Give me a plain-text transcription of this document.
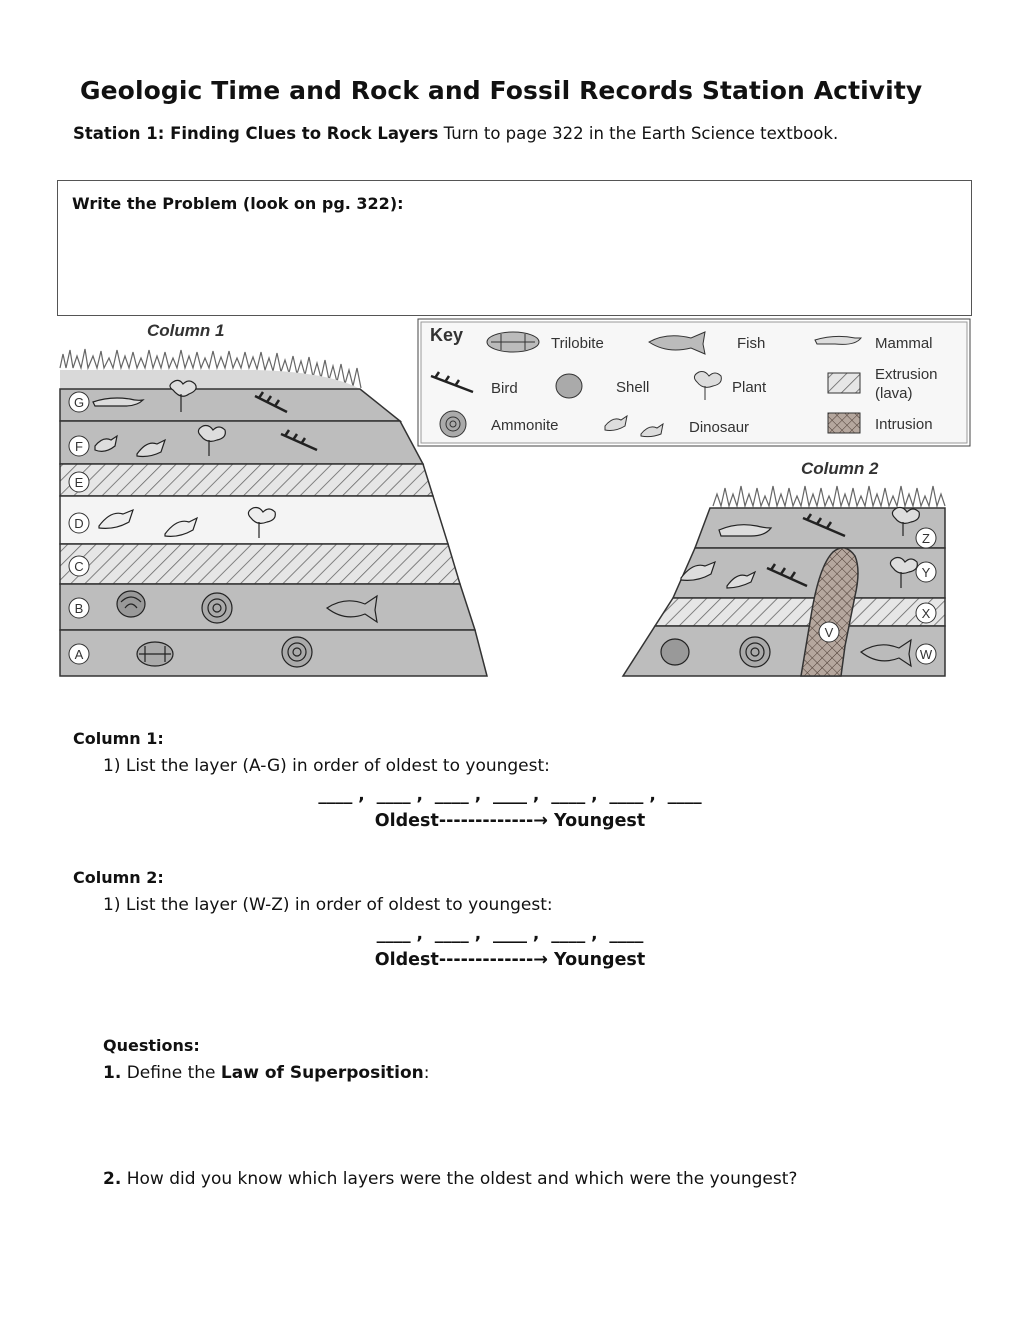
Geologic Time and Rock and Fossil Records Station Activity
Station 1: Finding Clues to Rock Layers Turn to page 322 in the Earth Science textbook.
Write the Problem (look on pg. 322):
Column 1
G
F
E
D
C
B
A
Key	Trilobite	Fish	Mammal
Bird	Shell	Plant
Extrusion
(lava)
Ammonite	Dinosaur	Intrusion
Column 2
Z
Y
X
W
V
Column 1:
1) List the layer (A-G) in order of oldest to youngest:
____ ,  ____ ,  ____ ,  ____ ,  ____ ,  ____ ,  ____
Oldest-------------→ Youngest
Column 2:
1) List the layer (W-Z) in order of oldest to youngest:
____ ,  ____ ,  ____ ,  ____ ,  ____
Oldest-------------→ Youngest
Questions:
1. Define the Law of Superposition:
2. How did you know which layers were the oldest and which were the youngest?
